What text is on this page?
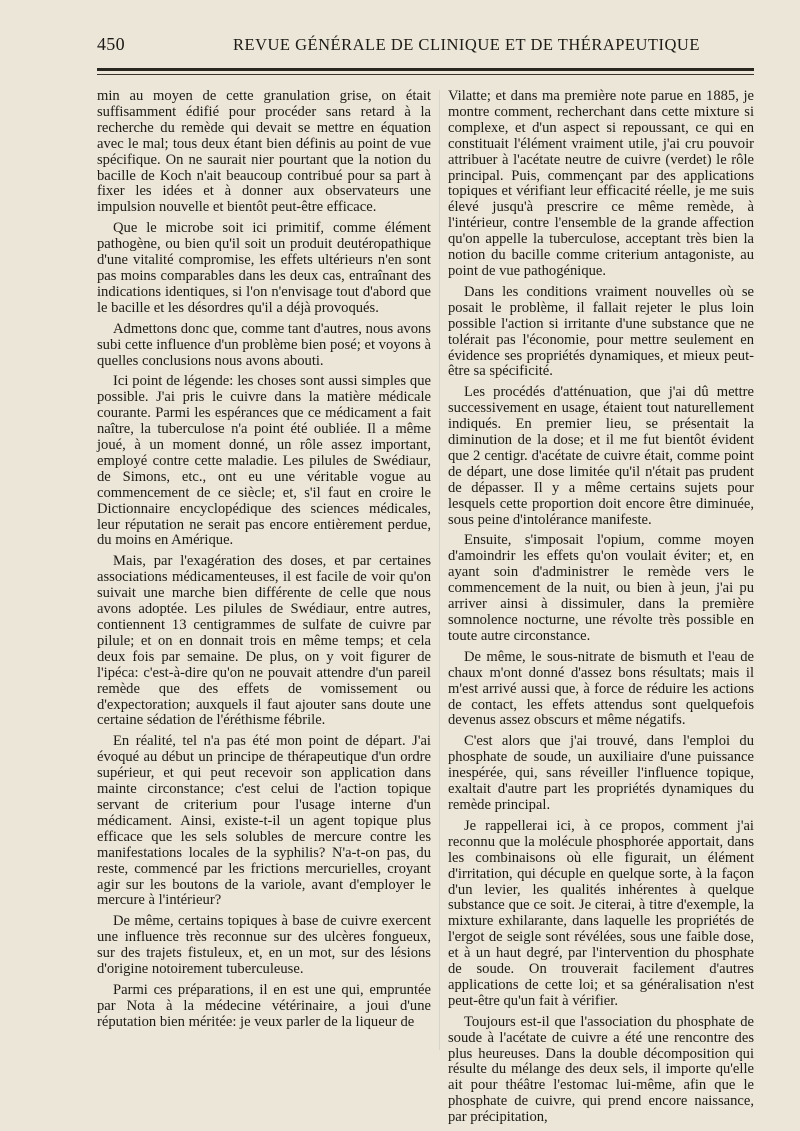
450	REVUE GÉNÉRALE DE CLINIQUE ET DE THÉRAPEUTIQUE

min au moyen de cette granulation grise, on était suffisamment édifié pour procéder sans retard à la recherche du remède qui devait se mettre en équation avec le mal; tous deux étant bien définis au point de vue spécifique. On ne saurait nier pourtant que la notion du bacille de Koch n'ait beaucoup contribué pour sa part à fixer les idées et à donner aux observateurs une impulsion nouvelle et bientôt peut-être efficace.

Que le microbe soit ici primitif, comme élément pathogène, ou bien qu'il soit un produit deutéropathique d'une vitalité compromise, les effets ultérieurs n'en sont pas moins comparables dans les deux cas, entraînant des indications identiques, si l'on n'envisage tout d'abord que le bacille et les désordres qu'il a déjà provoqués.

Admettons donc que, comme tant d'autres, nous avons subi cette influence d'un problème bien posé; et voyons à quelles conclusions nous avons abouti.

Ici point de légende: les choses sont aussi simples que possible. J'ai pris le cuivre dans la matière médicale courante. Parmi les espérances que ce médicament a fait naître, la tuberculose n'a point été oubliée. Il a même joué, à un moment donné, un rôle assez important, employé contre cette maladie. Les pilules de Swédiaur, de Simons, etc., ont eu une véritable vogue au commencement de ce siècle; et, s'il faut en croire le Dictionnaire encyclopédique des sciences médicales, leur réputation ne serait pas encore entièrement perdue, du moins en Amérique.

Mais, par l'exagération des doses, et par certaines associations médicamenteuses, il est facile de voir qu'on suivait une marche bien différente de celle que nous avons adoptée. Les pilules de Swédiaur, entre autres, contiennent 13 centigrammes de sulfate de cuivre par pilule; et on en donnait trois en même temps; et cela deux fois par semaine. De plus, on y voit figurer de l'ipéca: c'est-à-dire qu'on ne pouvait attendre d'un pareil remède que des effets de vomissement ou d'expectoration; auxquels il faut ajouter sans doute une certaine sédation de l'éréthisme fébrile.

En réalité, tel n'a pas été mon point de départ. J'ai évoqué au début un principe de thérapeutique d'un ordre supérieur, et qui peut recevoir son application dans mainte circonstance; c'est celui de l'action topique servant de criterium pour l'usage interne d'un médicament. Ainsi, existe-t-il un agent topique plus efficace que les sels solubles de mercure contre les manifestations locales de la syphilis? N'a-t-on pas, du reste, commencé par les frictions mercurielles, croyant agir sur les boutons de la variole, avant d'employer le mercure à l'intérieur?

De même, certains topiques à base de cuivre exercent une influence très reconnue sur des ulcères fongueux, sur des trajets fistuleux, et, en un mot, sur des lésions d'origine notoirement tuberculeuse.

Parmi ces préparations, il en est une qui, empruntée par Nota à la médecine vétérinaire, a joui d'une réputation bien méritée: je veux parler de la liqueur de

Vilatte; et dans ma première note parue en 1885, je montre comment, recherchant dans cette mixture si complexe, et d'un aspect si repoussant, ce qui en constituait l'élément vraiment utile, j'ai cru pouvoir attribuer à l'acétate neutre de cuivre (verdet) le rôle principal. Puis, commençant par des applications topiques et vérifiant leur efficacité réelle, je me suis élevé jusqu'à prescrire ce même remède, à l'intérieur, contre l'ensemble de la grande affection qu'on appelle la tuberculose, acceptant très bien la notion du bacille comme criterium antagoniste, au point de vue pathogénique.

Dans les conditions vraiment nouvelles où se posait le problème, il fallait rejeter le plus loin possible l'action si irritante d'une substance que ne tolérait pas l'économie, pour mettre seulement en évidence ses propriétés dynamiques, et mieux peut-être sa spécificité.

Les procédés d'atténuation, que j'ai dû mettre successivement en usage, étaient tout naturellement indiqués. En premier lieu, se présentait la diminution de la dose; et il me fut bientôt évident que 2 centigr. d'acétate de cuivre était, comme point de départ, une dose limitée qu'il n'était pas prudent de dépasser. Il y a même certains sujets pour lesquels cette proportion doit encore être diminuée, sous peine d'intolérance manifeste.

Ensuite, s'imposait l'opium, comme moyen d'amoindrir les effets qu'on voulait éviter; et, en ayant soin d'administrer le remède vers le commencement de la nuit, ou bien à jeun, j'ai pu arriver ainsi à dissimuler, dans la première somnolence nocturne, une révolte très possible en toute autre circonstance.

De même, le sous-nitrate de bismuth et l'eau de chaux m'ont donné d'assez bons résultats; mais il m'est arrivé aussi que, à force de réduire les actions de contact, les effets attendus sont quelquefois devenus assez obscurs et même négatifs.

C'est alors que j'ai trouvé, dans l'emploi du phosphate de soude, un auxiliaire d'une puissance inespérée, qui, sans réveiller l'influence topique, exaltait d'autre part les propriétés dynamiques du remède principal.

Je rappellerai ici, à ce propos, comment j'ai reconnu que la molécule phosphorée apportait, dans les combinaisons où elle figurait, un élément d'irritation, qui décuple en quelque sorte, à la façon d'un levier, les qualités inhérentes à quelque substance que ce soit. Je citerai, à titre d'exemple, la mixture exhilarante, dans laquelle les propriétés de l'ergot de seigle sont révélées, sous une faible dose, et à un haut degré, par l'intervention du phosphate de soude. On trouverait facilement d'autres applications de cette loi; et sa généralisation n'est peut-être qu'un fait à vérifier.

Toujours est-il que l'association du phosphate de soude à l'acétate de cuivre a été une rencontre des plus heureuses. Dans la double décomposition qui résulte du mélange des deux sels, il importe qu'elle ait pour théâtre l'estomac lui-même, afin que le phosphate de cuivre, qui prend encore naissance, par précipitation,
